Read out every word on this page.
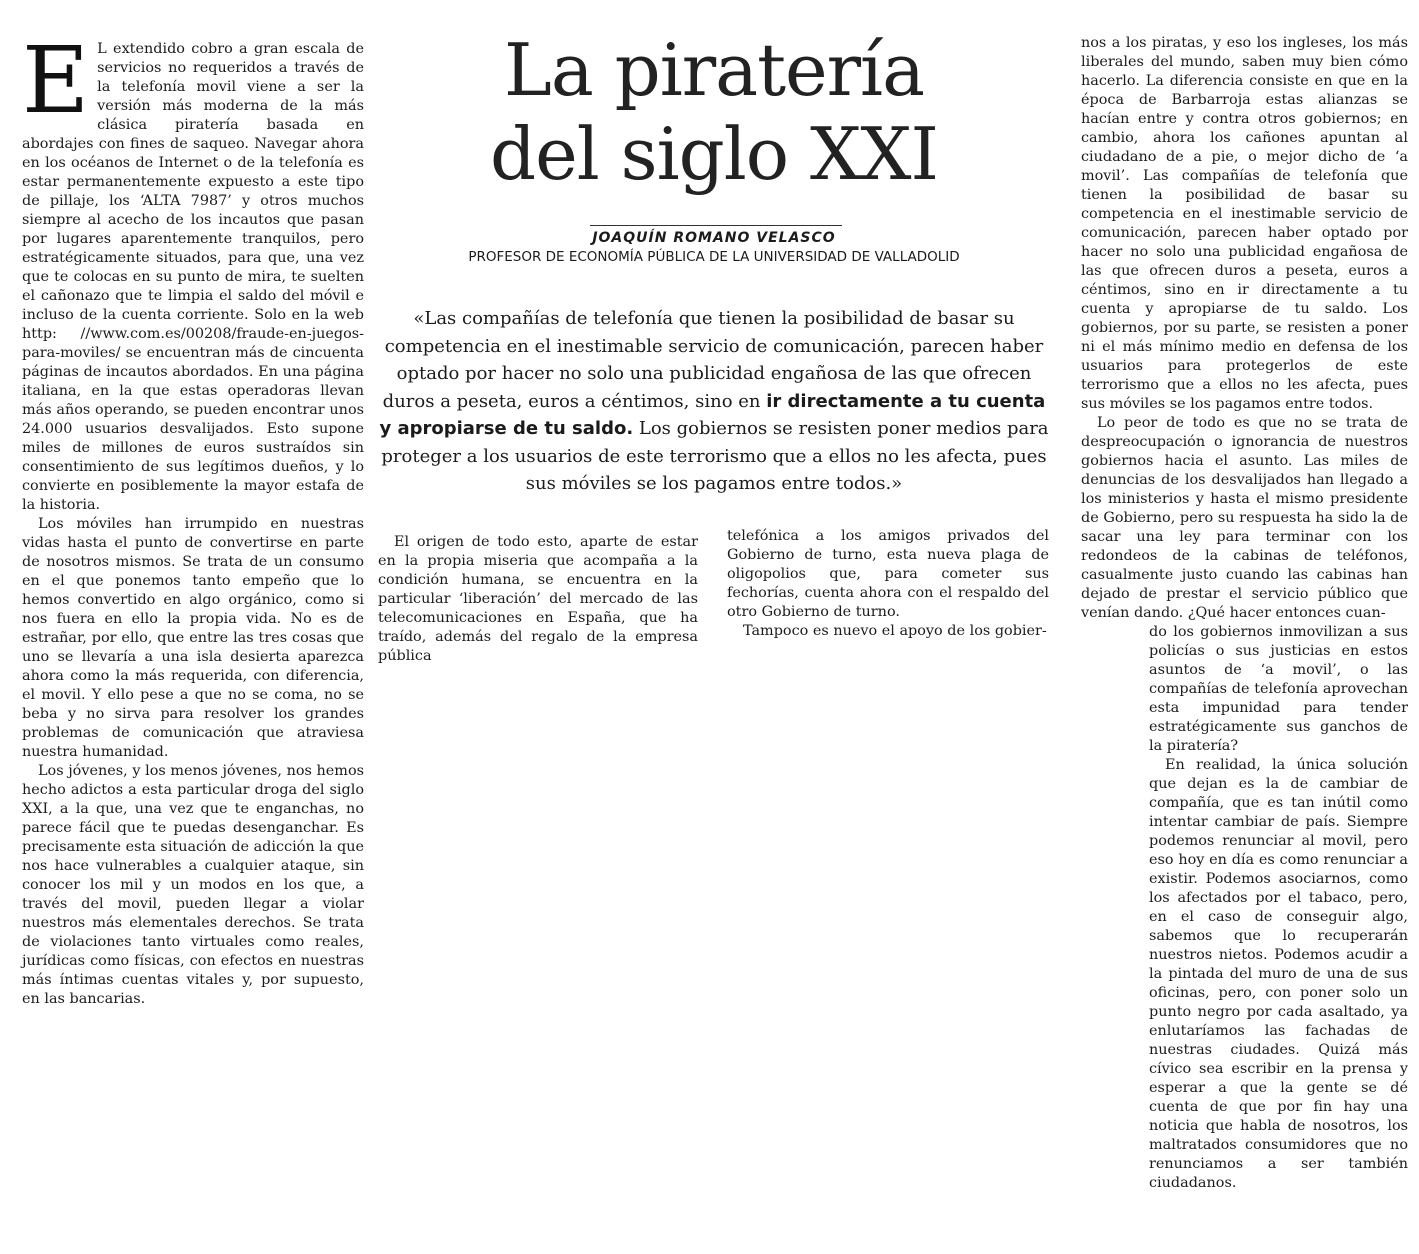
La piratería
del siglo XXI
JOAQUÍN ROMANO VELASCO
PROFESOR DE ECONOMÍA PÚBLICA DE LA UNIVERSIDAD DE VALLADOLID

«Las compañías de telefonía que tienen la posibilidad de basar su competencia en el inestimable servicio de comunicación, parecen haber optado por hacer no solo una publicidad engañosa de las que ofrecen duros a peseta, euros a céntimos, sino en ir directamente a tu cuenta y apropiarse de tu saldo. Los gobiernos se resisten poner medios para proteger a los usuarios de este terrorismo que a ellos no les afecta, pues sus móviles se los pagamos entre todos.»

E L extendido cobro a gran escala de servicios no requeridos a través de la telefonía movil viene a ser la versión más moderna de la más clásica piratería basada en abordajes con fines de saqueo. Navegar ahora en los océanos de Internet o de la telefonía es estar permanentemente expuesto a este tipo de pillaje, los ‘ALTA 7987’ y otros muchos siempre al acecho de los incautos que pasan por lugares aparentemente tranquilos, pero estratégicamente situados, para que, una vez que te colocas en su punto de mira, te suelten el cañonazo que te limpia el saldo del móvil e incluso de la cuenta corriente. Solo en la web http: //www.com.es/00208/fraude-en-juegos-para-moviles/ se encuentran más de cincuenta páginas de incautos abordados. En una página italiana, en la que estas operadoras llevan más años operando, se pueden encontrar unos 24.000 usuarios desvalijados. Esto supone miles de millones de euros sustraídos sin consentimiento de sus legítimos dueños, y lo convierte en posiblemente la mayor estafa de la historia.

Los móviles han irrumpido en nuestras vidas hasta el punto de convertirse en parte de nosotros mismos. Se trata de un consumo en el que ponemos tanto empeño que lo hemos convertido en algo orgánico, como si nos fuera en ello la propia vida. No es de estrañar, por ello, que entre las tres cosas que uno se llevaría a una isla desierta aparezca ahora como la más requerida, con diferencia, el movil. Y ello pese a que no se coma, no se beba y no sirva para resolver los grandes problemas de comunicación que atraviesa nuestra humanidad.

Los jóvenes, y los menos jóvenes, nos hemos hecho adictos a esta particular droga del siglo XXI, a la que, una vez que te enganchas, no parece fácil que te puedas desenganchar. Es precisamente esta situación de adicción la que nos hace vulnerables a cualquier ataque, sin conocer los mil y un modos en los que, a través del movil, pueden llegar a violar nuestros más elementales derechos. Se trata de violaciones tanto virtuales como reales, jurídicas como físicas, con efectos en nuestras más íntimas cuentas vitales y, por supuesto, en las bancarias.

El origen de todo esto, aparte de estar en la propia miseria que acompaña a la condición humana, se encuentra en la particular ‘liberación’ del mercado de las telecomunicaciones en España, que ha traído, además del regalo de la empresa pública

telefónica a los amigos privados del Gobierno de turno, esta nueva plaga de oligopolios que, para cometer sus fechorías, cuenta ahora con el respaldo del otro Gobierno de turno.

Tampoco es nuevo el apoyo de los gobier-

nos a los piratas, y eso los ingleses, los más liberales del mundo, saben muy bien cómo hacerlo. La diferencia consiste en que en la época de Barbarroja estas alianzas se hacían entre y contra otros gobiernos; en cambio, ahora los cañones apuntan al ciudadano de a pie, o mejor dicho de ‘a movil’. Las compañías de telefonía que tienen la posibilidad de basar su competencia en el inestimable servicio de comunicación, parecen haber optado por hacer no solo una publicidad engañosa de las que ofrecen duros a peseta, euros a céntimos, sino en ir directamente a tu cuenta y apropiarse de tu saldo. Los gobiernos, por su parte, se resisten a poner ni el más mínimo medio en defensa de los usuarios para protegerlos de este terrorismo que a ellos no les afecta, pues sus móviles se los pagamos entre todos.

Lo peor de todo es que no se trata de despreocupación o ignorancia de nuestros gobiernos hacia el asunto. Las miles de denuncias de los desvalijados han llegado a los ministerios y hasta el mismo presidente de Gobierno, pero su respuesta ha sido la de sacar una ley para terminar con los redondeos de la cabinas de teléfonos, casualmente justo cuando las cabinas han dejado de prestar el servicio público que venían dando. ¿Qué hacer entonces cuan-

do los gobiernos inmovilizan a sus policías o sus justicias en estos asuntos de ‘a movil’, o las compañías de telefonía aprovechan esta impunidad para tender estratégicamente sus ganchos de la piratería?

En realidad, la única solución que dejan es la de cambiar de compañía, que es tan inútil como intentar cambiar de país. Siempre podemos renunciar al movil, pero eso hoy en día es como renunciar a existir. Podemos asociarnos, como los afectados por el tabaco, pero, en el caso de conseguir algo, sabemos que lo recuperarán nuestros nietos. Podemos acudir a la pintada del muro de una de sus oficinas, pero, con poner solo un punto negro por cada asaltado, ya enlutaríamos las fachadas de nuestras ciudades. Quizá más cívico sea escribir en la prensa y esperar a que la gente se dé cuenta de que por fin hay una noticia que habla de nosotros, los maltratados consumidores que no renunciamos a ser también ciudadanos.
